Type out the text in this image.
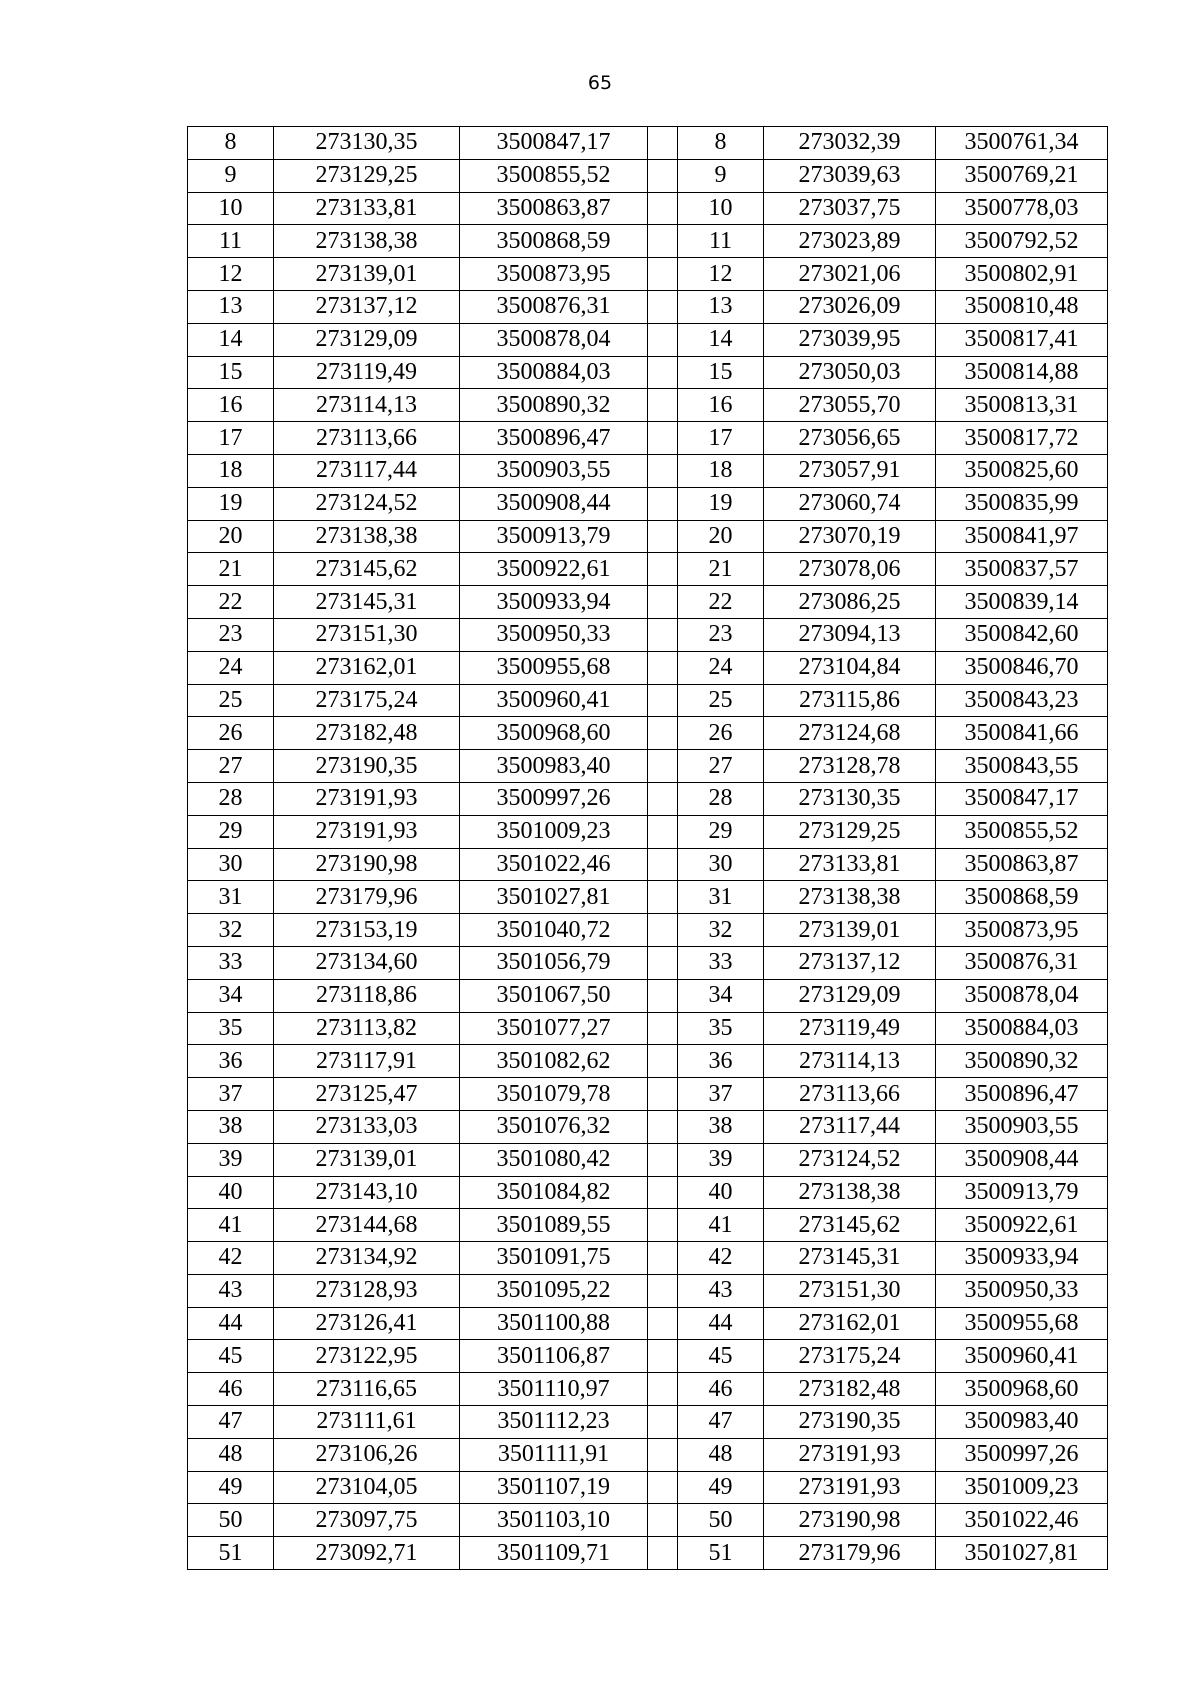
65
8	273130,35	3500847,17		8	273032,39	3500761,34
9	273129,25	3500855,52		9	273039,63	3500769,21
10	273133,81	3500863,87		10	273037,75	3500778,03
11	273138,38	3500868,59		11	273023,89	3500792,52
12	273139,01	3500873,95		12	273021,06	3500802,91
13	273137,12	3500876,31		13	273026,09	3500810,48
14	273129,09	3500878,04		14	273039,95	3500817,41
15	273119,49	3500884,03		15	273050,03	3500814,88
16	273114,13	3500890,32		16	273055,70	3500813,31
17	273113,66	3500896,47		17	273056,65	3500817,72
18	273117,44	3500903,55		18	273057,91	3500825,60
19	273124,52	3500908,44		19	273060,74	3500835,99
20	273138,38	3500913,79		20	273070,19	3500841,97
21	273145,62	3500922,61		21	273078,06	3500837,57
22	273145,31	3500933,94		22	273086,25	3500839,14
23	273151,30	3500950,33		23	273094,13	3500842,60
24	273162,01	3500955,68		24	273104,84	3500846,70
25	273175,24	3500960,41		25	273115,86	3500843,23
26	273182,48	3500968,60		26	273124,68	3500841,66
27	273190,35	3500983,40		27	273128,78	3500843,55
28	273191,93	3500997,26		28	273130,35	3500847,17
29	273191,93	3501009,23		29	273129,25	3500855,52
30	273190,98	3501022,46		30	273133,81	3500863,87
31	273179,96	3501027,81		31	273138,38	3500868,59
32	273153,19	3501040,72		32	273139,01	3500873,95
33	273134,60	3501056,79		33	273137,12	3500876,31
34	273118,86	3501067,50		34	273129,09	3500878,04
35	273113,82	3501077,27		35	273119,49	3500884,03
36	273117,91	3501082,62		36	273114,13	3500890,32
37	273125,47	3501079,78		37	273113,66	3500896,47
38	273133,03	3501076,32		38	273117,44	3500903,55
39	273139,01	3501080,42		39	273124,52	3500908,44
40	273143,10	3501084,82		40	273138,38	3500913,79
41	273144,68	3501089,55		41	273145,62	3500922,61
42	273134,92	3501091,75		42	273145,31	3500933,94
43	273128,93	3501095,22		43	273151,30	3500950,33
44	273126,41	3501100,88		44	273162,01	3500955,68
45	273122,95	3501106,87		45	273175,24	3500960,41
46	273116,65	3501110,97		46	273182,48	3500968,60
47	273111,61	3501112,23		47	273190,35	3500983,40
48	273106,26	3501111,91		48	273191,93	3500997,26
49	273104,05	3501107,19		49	273191,93	3501009,23
50	273097,75	3501103,10		50	273190,98	3501022,46
51	273092,71	3501109,71		51	273179,96	3501027,81
